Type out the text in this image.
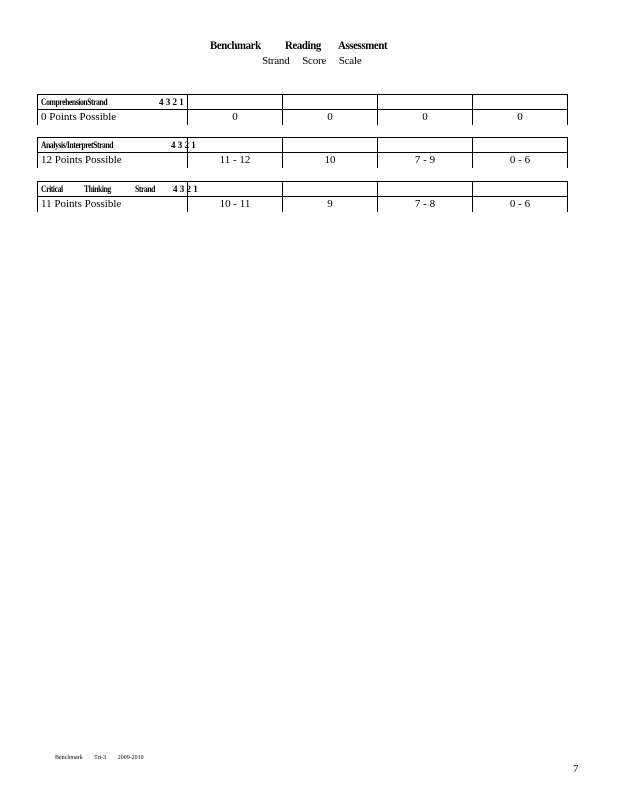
Benchmark Reading Assessment
Strand Score Scale
ComprehensionStrand	4 3 2 1
0 Points Possible	0	0	0	0
Analysis/InterpretStrand	4 3 2 1
12 Points Possible	11 - 12	10	7 - 9	0 - 6
Critical Thinking	Strand 4 3 2 1
11 Points Possible	10 - 11	9	7 - 8	0 - 6
Benchmark Tri-3 2009-2010
7
